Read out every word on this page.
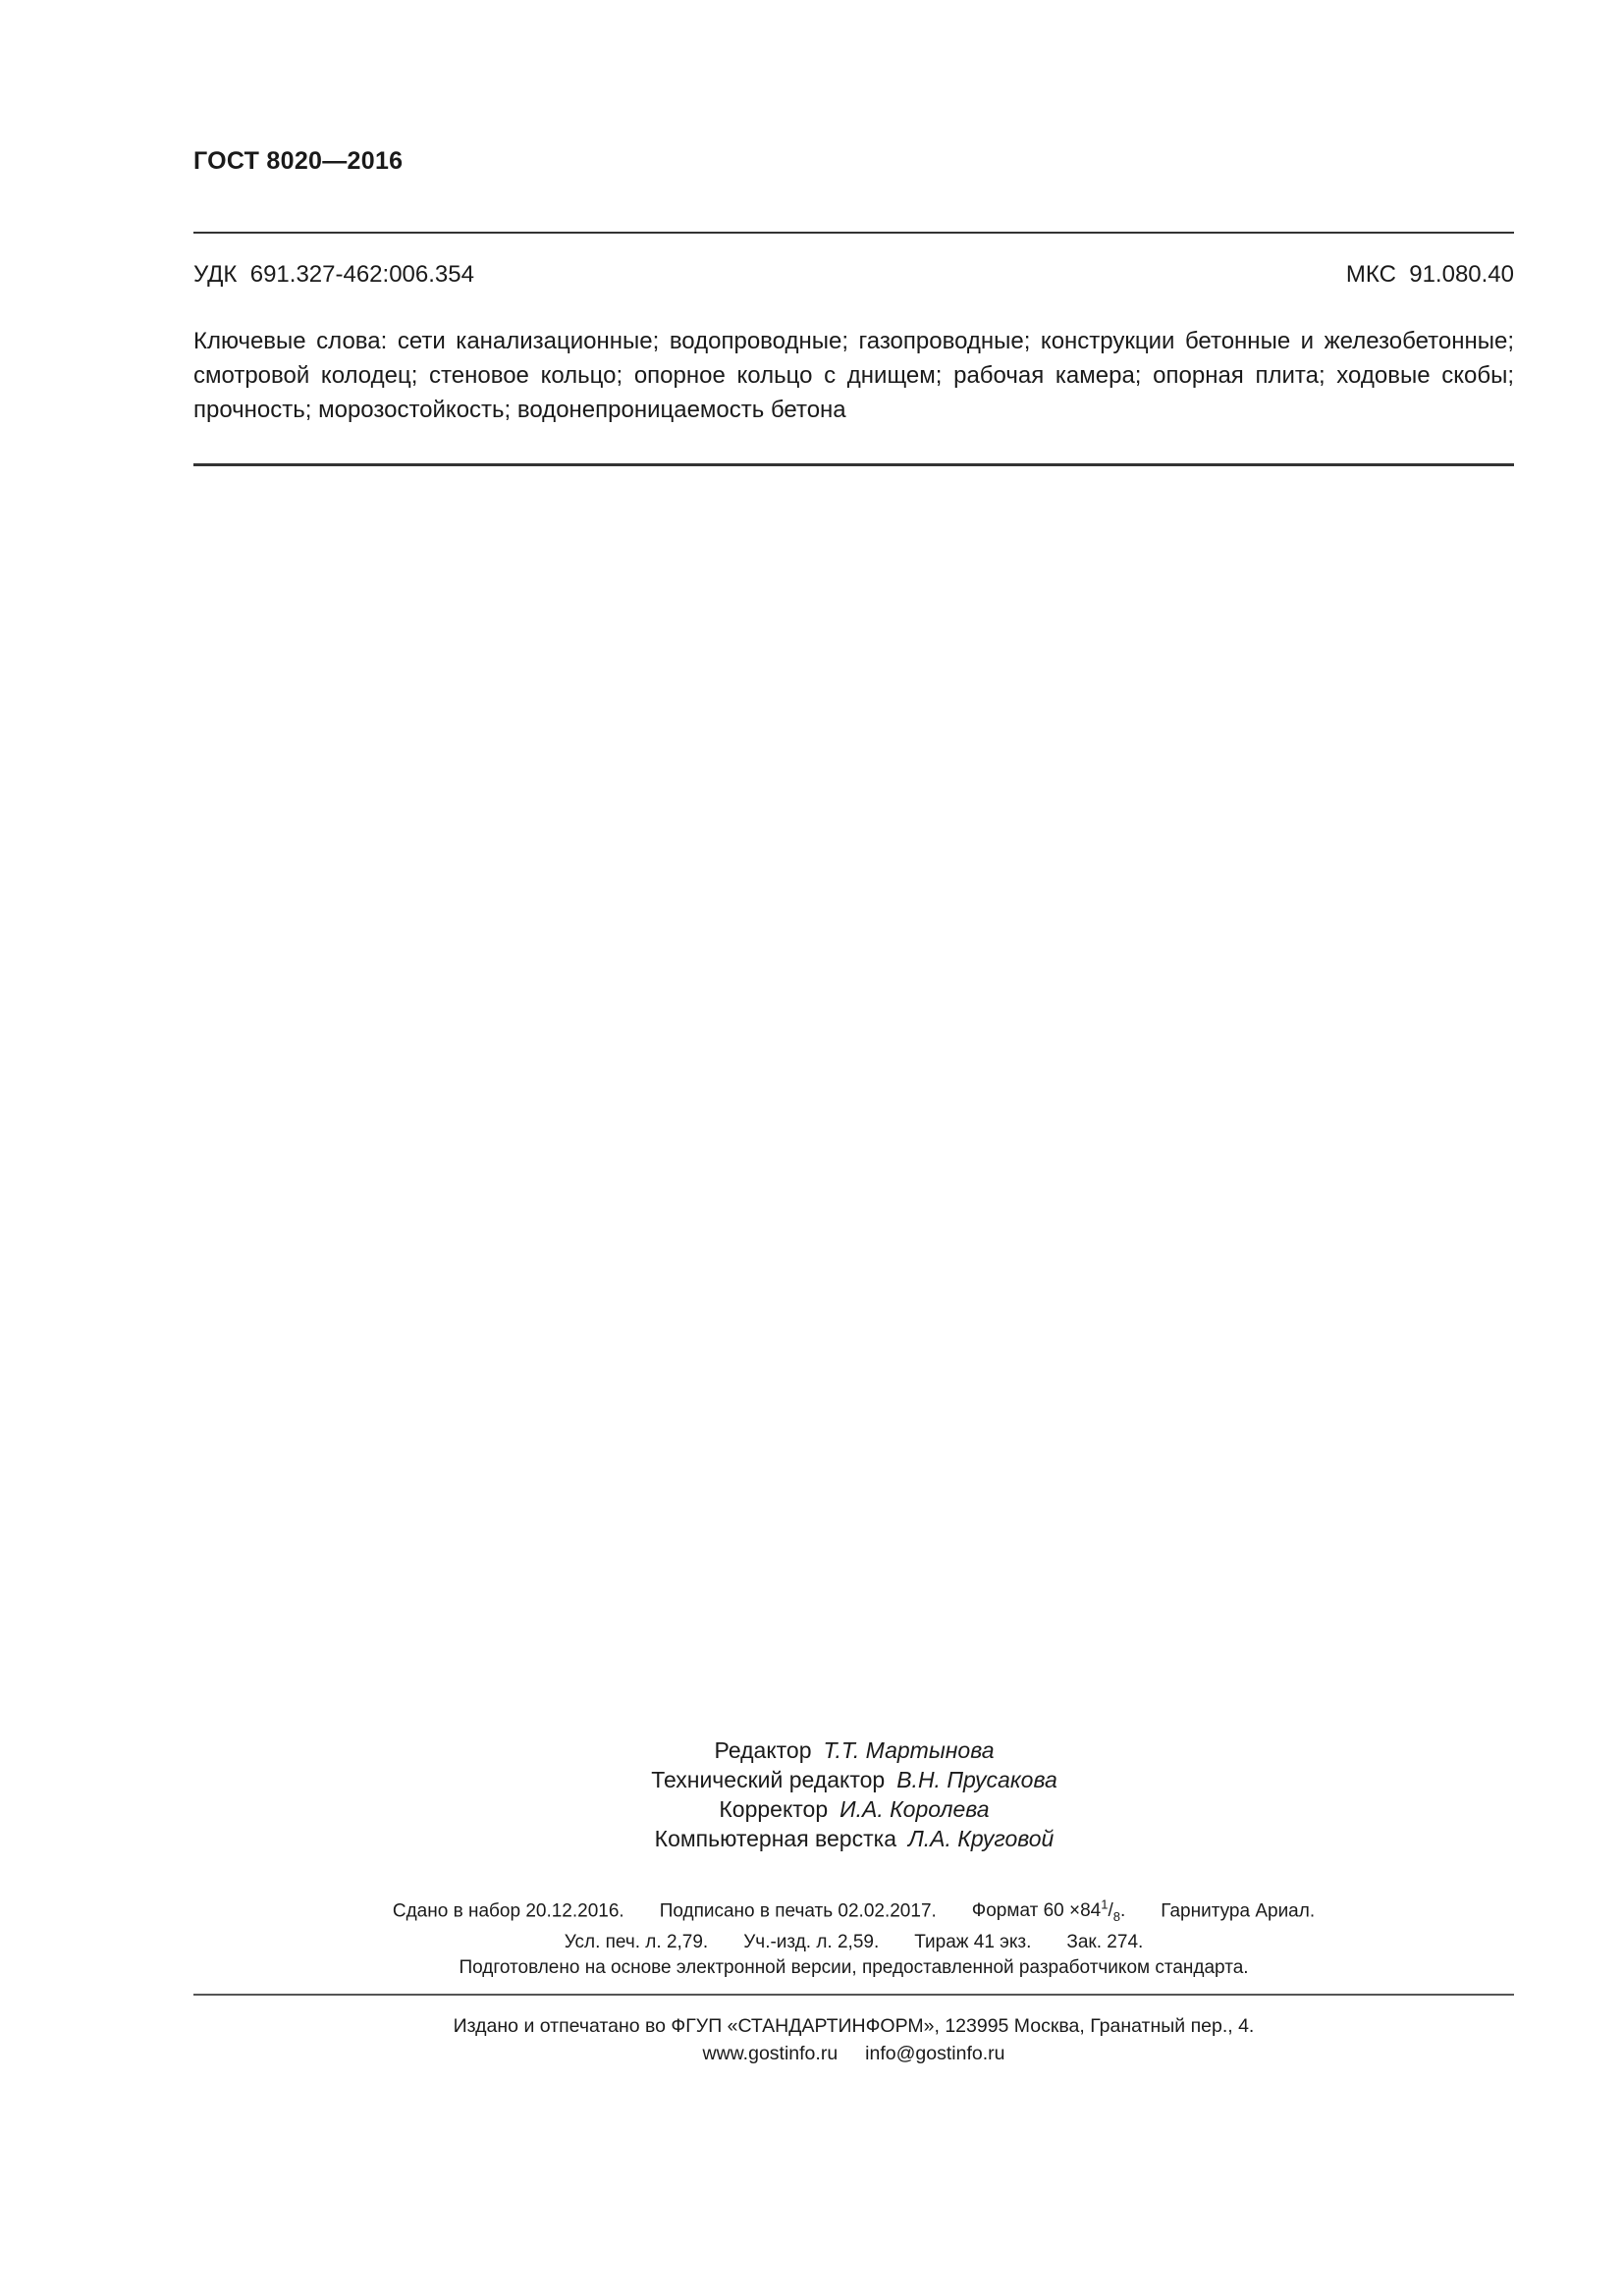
ГОСТ 8020—2016
УДК  691.327-462:006.354	МКС  91.080.40
Ключевые слова: сети канализационные; водопроводные; газопроводные; конструкции бетонные и железобетонные; смотровой колодец; стеновое кольцо; опорное кольцо с днищем; рабочая камера; опорная плита; ходовые скобы; прочность; морозостойкость; водонепроницаемость бетона
Редактор Т.Т. Мартынова
Технический редактор В.Н. Прусакова
Корректор И.А. Королева
Компьютерная верстка Л.А. Круговой
Сдано в набор 20.12.2016. Подписано в печать 02.02.2017. Формат $60 \times 84^1/_8$. Гарнитура Ариал.
Усл. печ. л. 2,79. Уч.-изд. л. 2,59. Тираж 41 экз. Зак. 274.
Подготовлено на основе электронной версии, предоставленной разработчиком стандарта.
Издано и отпечатано во ФГУП «СТАНДАРТИНФОРМ», 123995 Москва, Гранатный пер., 4.
www.gostinfo.ru info@gostinfo.ru
